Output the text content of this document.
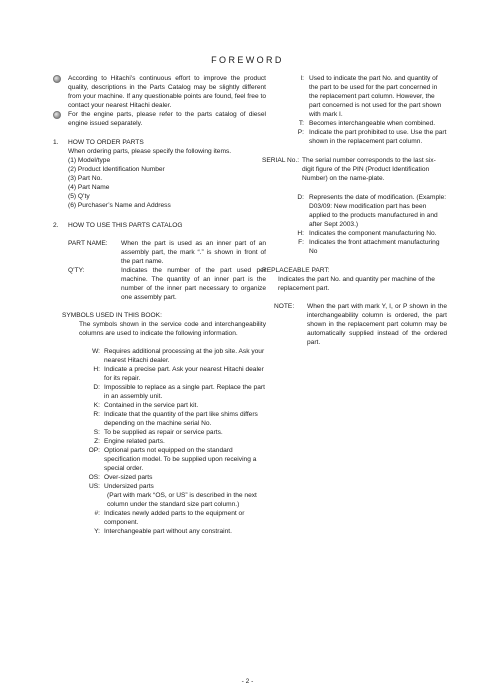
FOREWORD
According to Hitachi’s continuous effort to improve the product quality, descriptions in the Parts Catalog may be slightly different from your machine. If any questionable points are found, feel free to contact your nearest Hitachi dealer.
For the engine parts, please refer to the parts catalog of diesel engine issued separately.
1. HOW TO ORDER PARTS
When ordering parts, please specify the following items.
(1) Model/type
(2) Product Identification Number
(3) Part No.
(4) Part Name
(5) Q’ty
(6) Purchaser’s Name and Address
2. HOW TO USE THIS PARTS CATALOG
PART NAME:	When the part is used as an inner part of an assembly part, the mark “.” is shown in front of the part name.
Q’TY:	Indicates the number of the part used per machine. The quantity of an inner part is the number of the inner part necessary to organize one assembly part.
SYMBOLS USED IN THIS BOOK:
The symbols shown in the service code and interchangeability columns are used to indicate the following information.
W: Requires additional processing at the job site. Ask your nearest Hitachi dealer.
H: Indicate a precise part. Ask your nearest Hitachi dealer for its repair.
D: Impossible to replace as a single part. Replace the part in an assembly unit.
K: Contained in the service part kit.
R: Indicate that the quantity of the part like shims differs depending on the machine serial No.
S: To be supplied as repair or service parts.
Z: Engine related parts.
OP: Optional parts not equipped on the standard specification model. To be supplied upon receiving a special order.
OS: Over-sized parts
US: Undersized parts
(Part with mark “OS, or US” is described in the next column under the standard size part column.)
#: Indicates newly added parts to the equipment or component.
Y: Interchangeable part without any constraint.
I: Used to indicate the part No. and quantity of the part to be used for the part concerned in the replacement part column. However, the part concerned is not used for the part shown with mark I.
T: Becomes interchangeable when combined.
P: Indicate the part prohibited to use. Use the part shown in the replacement part column.
SERIAL No.: The serial number corresponds to the last six-digit figure of the PIN (Product Identification Number) on the name-plate.
D: Represents the date of modification. (Example: D03/09: New modification part has been applied to the products manufactured in and after Sept 2003.)
H: Indicates the component manufacturing No.
F: Indicates the front attachment manufacturing No
REPLACEABLE PART:
Indicates the part No. and quantity per machine of the replacement part.
NOTE:	When the part with mark Y, I, or P shown in the interchangeability column is ordered, the part shown in the replacement part column may be automatically supplied instead of the ordered part.
- 2 -
